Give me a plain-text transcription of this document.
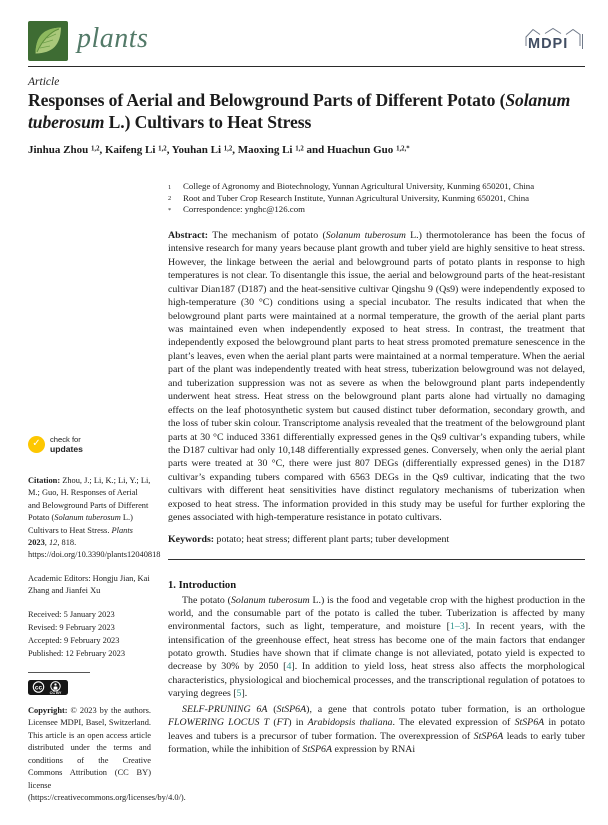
plants	MDPI
Article
Responses of Aerial and Belowground Parts of Different Potato (Solanum tuberosum L.) Cultivars to Heat Stress
Jinhua Zhou $^{1,2}$, Kaifeng Li $^{1,2}$, Youhan Li $^{1,2}$, Maoxing Li $^{1,2}$ and Huachun Guo $^{1,2,*}$
✓	check for
updates

Citation: Zhou, J.; Li, K.; Li, Y.; Li, M.; Guo, H. Responses of Aerial and Belowground Parts of Different Potato (Solanum tuberosum L.) Cultivars to Heat Stress. Plants 2023, 12, 818. https://doi.org/10.3390/plants12040818

Academic Editors: Hongju Jian, Kai Zhang and Jianfei Xu

Received: 5 January 2023
Revised: 9 February 2023
Accepted: 9 February 2023
Published: 12 February 2023
cc
CC BY

Copyright: © 2023 by the authors. Licensee MDPI, Basel, Switzerland. This article is an open access article distributed under the terms and conditions of the Creative Commons Attribution (CC BY) license (https://creativecommons.org/licenses/by/4.0/).

1	College of Agronomy and Biotechnology, Yunnan Agricultural University, Kunming 650201, China
2	Root and Tuber Crop Research Institute, Yunnan Agricultural University, Kunming 650201, China
*	Correspondence: ynghc@126.com

Abstract: The mechanism of potato (Solanum tuberosum L.) thermotolerance has been the focus of intensive research for many years because plant growth and tuber yield are highly sensitive to heat stress. However, the linkage between the aerial and belowground parts of potato plants in response to high temperatures is not clear. To disentangle this issue, the aerial and belowground parts of the heat-resistant cultivar Dian187 (D187) and the heat-sensitive cultivar Qingshu 9 (Qs9) were independently exposed to high-temperature (30 °C) conditions using a special incubator. The results indicated that when the belowground plant parts were maintained at a normal temperature, the growth of the aerial plant parts was maintained even when independently exposed to heat stress. In contrast, the treatment that independently exposed the belowground plant parts to heat stress promoted premature senescence in the plant’s leaves, even when the aerial plant parts were maintained at a normal temperature. When the aerial part of the plant was independently treated with heat stress, tuberization belowground was not delayed, and tuberization suppression was not as severe as when the belowground plant parts independently underwent heat stress. Heat stress on the belowground plant parts alone had virtually no damaging effects on the leaf photosynthetic system but caused distinct tuber deformation, secondary growth, and the loss of tuber skin colour. Transcriptome analysis revealed that the treatment of the belowground plant parts at 30 °C induced 3361 differentially expressed genes in the Qs9 cultivar’s expanding tubers, while the D187 cultivar had only 10,148 differentially expressed genes. Conversely, when only the aerial plant parts were treated at 30 °C, there were just 807 DEGs (differentially expressed genes) in the D187 cultivar’s expanding tubers compared with 6563 DEGs in the Qs9 cultivar, indicating that the two cultivars with different heat sensitivities have distinct regulatory mechanisms of tuberization when exposed to heat stress. The information provided in this study may be useful for further exploring the genes associated with high-temperature resistance in potato cultivars.

Keywords: potato; heat stress; different plant parts; tuber development

1. Introduction

The potato (Solanum tuberosum L.) is the food and vegetable crop with the highest production in the world, and the consumable part of the potato is called the tuber. Tuberization is affected by many environmental factors, such as light, temperature, and moisture [1–3]. In recent years, with the intensification of the greenhouse effect, heat stress has become one of the main factors that endanger potato growth. Studies have shown that if climate change is not alleviated, potato yield is expected to decrease by 30% by 2050 [4]. In addition to yield loss, heat stress also affects the morphological characteristics, physiological and biochemical processes, and the transcriptional regulation of potatoes to varying degrees [5].

SELF-PRUNING 6A (StSP6A), a gene that controls potato tuber formation, is an orthologue FLOWERING LOCUS T (FT) in Arabidopsis thaliana. The elevated expression of StSP6A in potato leaves and tubers is a precursor of tuber formation. The overexpression of StSP6A leads to early tuber formation, while the inhibition of StSP6A expression by RNAi
